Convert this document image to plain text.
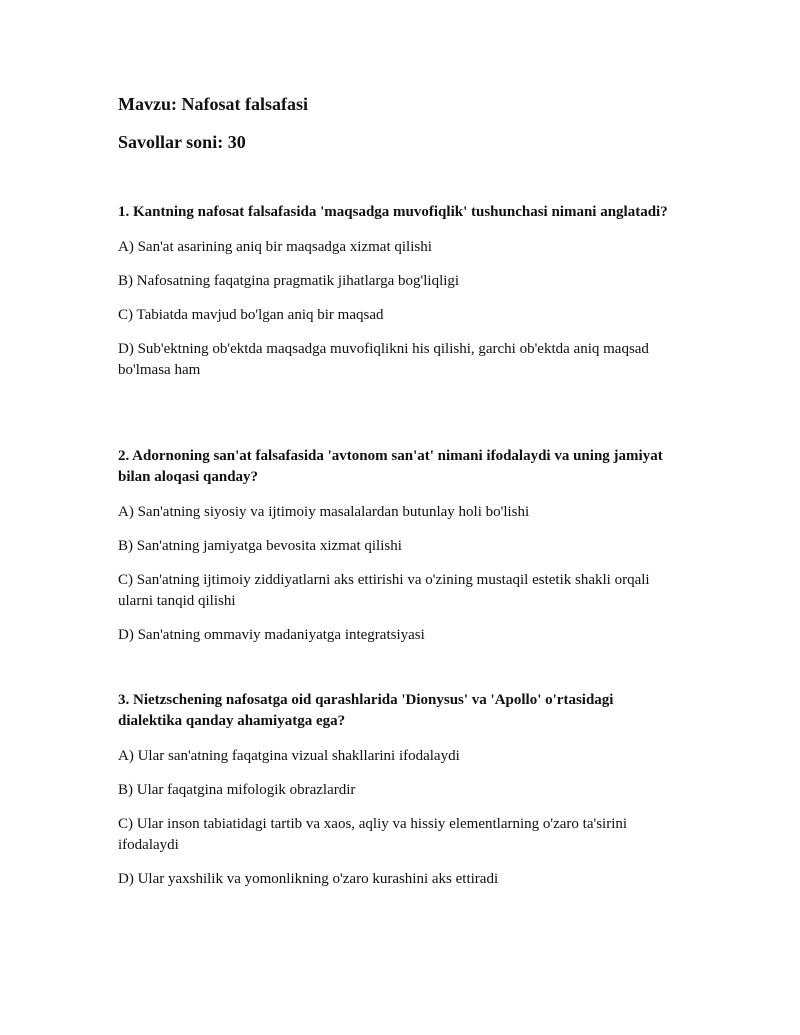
Mavzu: Nafosat falsafasi
Savollar soni: 30
1. Kantning nafosat falsafasida 'maqsadga muvofiqlik' tushunchasi nimani anglatadi?
A) San'at asarining aniq bir maqsadga xizmat qilishi
B) Nafosatning faqatgina pragmatik jihatlarga bog'liqligi
C) Tabiatda mavjud bo'lgan aniq bir maqsad
D) Sub'ektning ob'ektda maqsadga muvofiqlikni his qilishi, garchi ob'ektda aniq maqsad bo'lmasa ham
2. Adornoning san'at falsafasida 'avtonom san'at' nimani ifodalaydi va uning jamiyat bilan aloqasi qanday?
A) San'atning siyosiy va ijtimoiy masalalardan butunlay holi bo'lishi
B) San'atning jamiyatga bevosita xizmat qilishi
C) San'atning ijtimoiy ziddiyatlarni aks ettirishi va o'zining mustaqil estetik shakli orqali ularni tanqid qilishi
D) San'atning ommaviy madaniyatga integratsiyasi
3. Nietzschening nafosatga oid qarashlarida 'Dionysus' va 'Apollo' o'rtasidagi dialektika qanday ahamiyatga ega?
A) Ular san'atning faqatgina vizual shakllarini ifodalaydi
B) Ular faqatgina mifologik obrazlardir
C) Ular inson tabiatidagi tartib va xaos, aqliy va hissiy elementlarning o'zaro ta'sirini ifodalaydi
D) Ular yaxshilik va yomonlikning o'zaro kurashini aks ettiradi
